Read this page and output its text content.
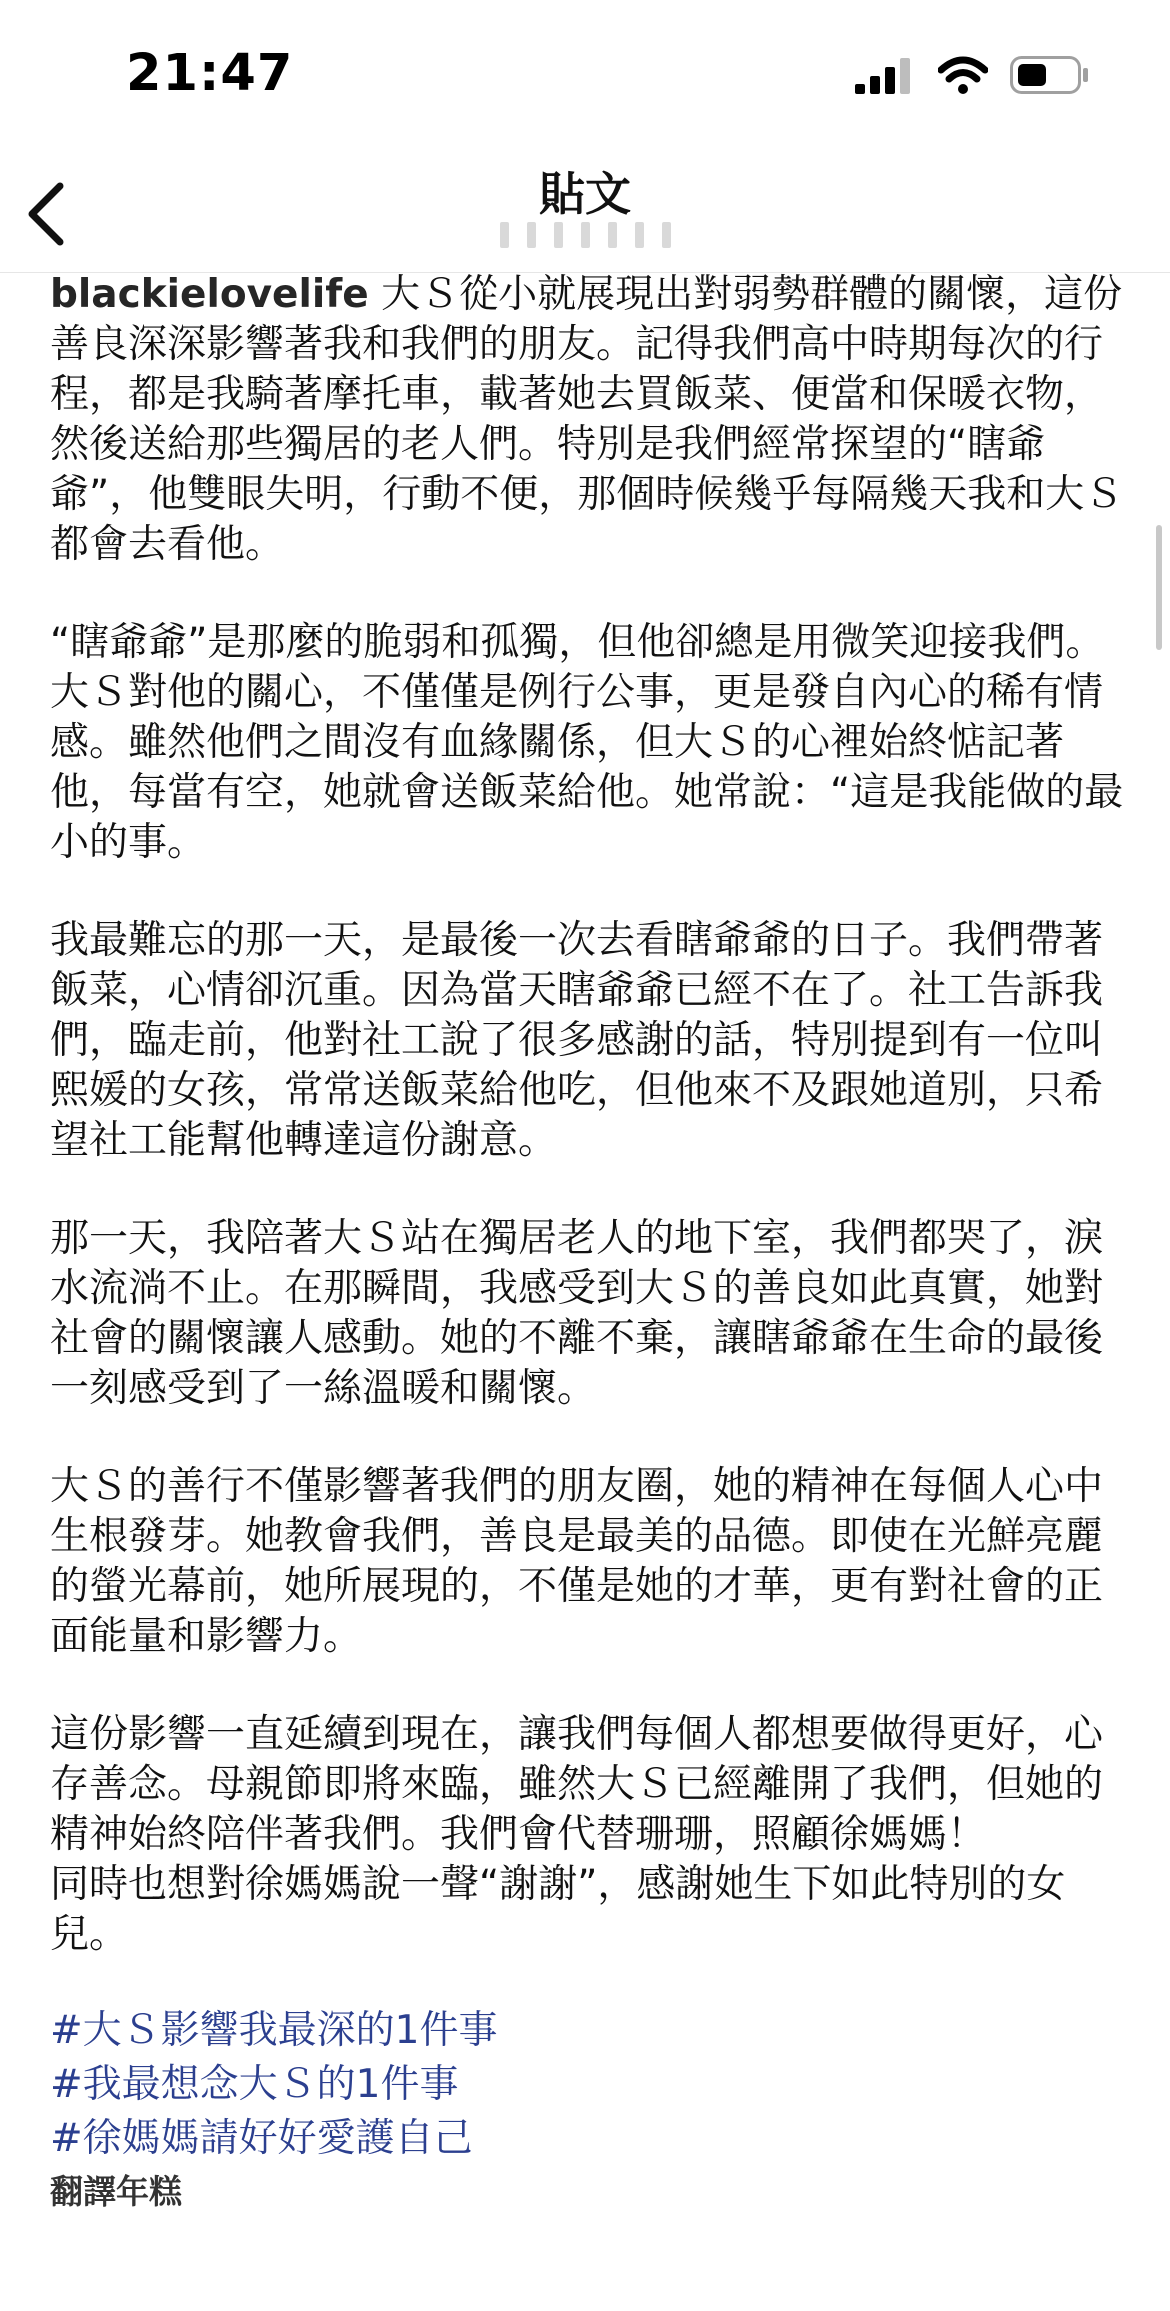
21:47
貼文

blackielovelife 大Ｓ從小就展現出對弱勢群體的關懷，這份善良深深影響著我和我們的朋友。記得我們高中時期每次的行程，都是我騎著摩托車，載著她去買飯菜、便當和保暖衣物，然後送給那些獨居的老人們。特別是我們經常探望的“瞎爺爺”，他雙眼失明，行動不便，那個時候幾乎每隔幾天我和大Ｓ都會去看他。

“瞎爺爺”是那麼的脆弱和孤獨，但他卻總是用微笑迎接我們。大Ｓ對他的關心，不僅僅是例行公事，更是發自內心的稀有情感。雖然他們之間沒有血緣關係，但大Ｓ的心裡始終惦記著他，每當有空，她就會送飯菜給他。她常說：“這是我能做的最小的事。

我最難忘的那一天，是最後一次去看瞎爺爺的日子。我們帶著飯菜，心情卻沉重。因為當天瞎爺爺已經不在了。社工告訴我們，臨走前，他對社工說了很多感謝的話，特別提到有一位叫熙媛的女孩，常常送飯菜給他吃，但他來不及跟她道別，只希望社工能幫他轉達這份謝意。

那一天，我陪著大Ｓ站在獨居老人的地下室，我們都哭了，淚水流淌不止。在那瞬間，我感受到大Ｓ的善良如此真實，她對社會的關懷讓人感動。她的不離不棄，讓瞎爺爺在生命的最後一刻感受到了一絲溫暖和關懷。

大Ｓ的善行不僅影響著我們的朋友圈，她的精神在每個人心中生根發芽。她教會我們，善良是最美的品德。即使在光鮮亮麗的螢光幕前，她所展現的，不僅是她的才華，更有對社會的正面能量和影響力。

這份影響一直延續到現在，讓我們每個人都想要做得更好，心存善念。母親節即將來臨，雖然大Ｓ已經離開了我們，但她的精神始終陪伴著我們。我們會代替珊珊，照顧徐媽媽！
同時也想對徐媽媽說一聲“謝謝”，感謝她生下如此特別的女兒。

#大Ｓ影響我最深的1件事
#我最想念大Ｓ的1件事
#徐媽媽請好好愛護自己
翻譯年糕
